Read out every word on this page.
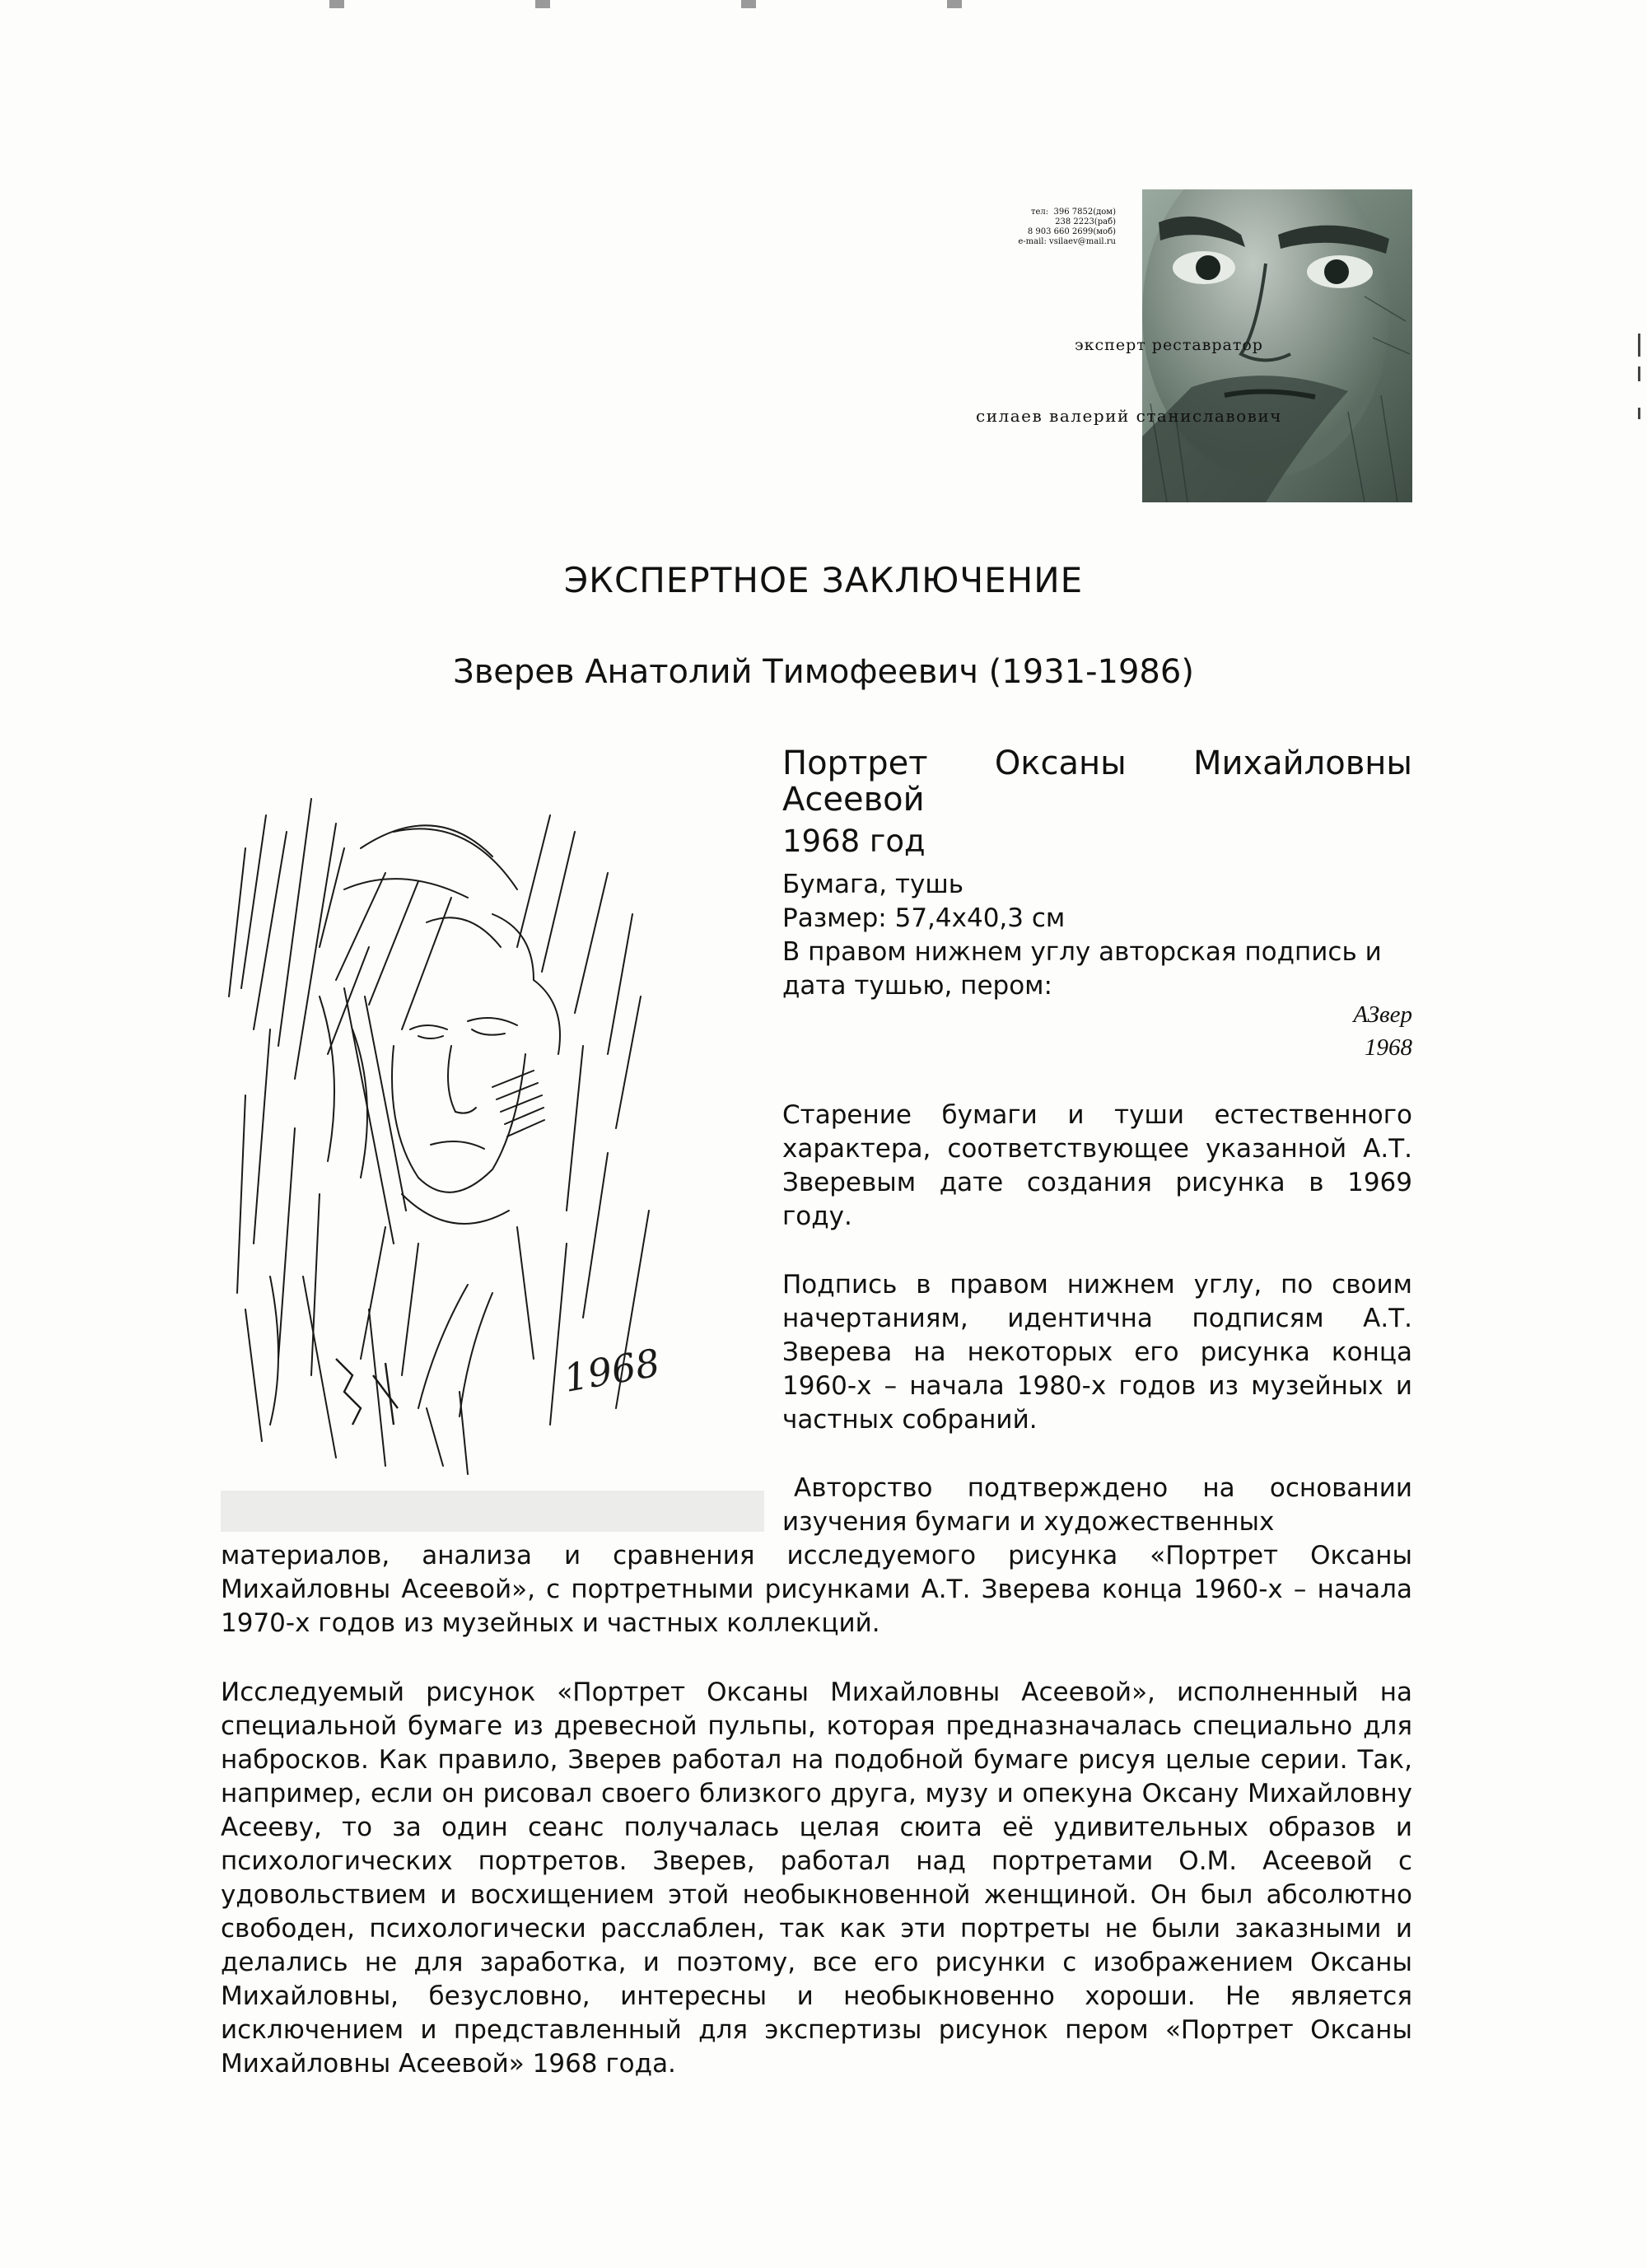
тел:  396 7852(дом)
238 2223(раб)
8 903 660 2699(моб)
e-mail: vsilaev@mail.ru
эксперт реставратор
силаев валерий станиславович
ЭКСПЕРТНОЕ ЗАКЛЮЧЕНИЕ
Зверев Анатолий Тимофеевич (1931-1986)
1968
Портрет Оксаны Михайловны
Асеевой
1968 год
Бумага, тушь
Размер: 57,4х40,3 см
В правом нижнем углу авторская подпись и дата тушью, пером:
АЗвер
1968
Старение бумаги и туши естественного характера, соответствующее указанной А.Т. Зверевым дате создания рисунка в 1969 году.
Подпись в правом нижнем углу, по своим начертаниям, идентична подписям А.Т. Зверева на некоторых его рисунка конца 1960-х – начала 1980-х годов из музейных и частных собраний.
Авторство подтверждено на основании изучения бумаги и художественных
материалов, анализа и сравнения исследуемого рисунка «Портрет Оксаны Михайловны Асеевой», с портретными рисунками А.Т. Зверева конца 1960-х – начала 1970-х годов из музейных и частных коллекций.
Исследуемый рисунок «Портрет Оксаны Михайловны Асеевой», исполненный на специальной бумаге из древесной пульпы, которая предназначалась специально для набросков. Как правило, Зверев работал на подобной бумаге рисуя целые серии. Так, например, если он рисовал своего близкого друга, музу и опекуна Оксану Михайловну Асееву, то за один сеанс получалась целая сюита её удивительных образов и психологических портретов. Зверев, работал над портретами О.М. Асеевой с удовольствием и восхищением этой необыкновенной женщиной. Он был абсолютно свободен, психологически расслаблен, так как эти портреты не были заказными и делались не для заработка, и поэтому, все его рисунки с изображением Оксаны Михайловны, безусловно, интересны и необыкновенно хороши. Не является исключением и представленный для экспертизы рисунок пером «Портрет Оксаны Михайловны Асеевой» 1968 года.
